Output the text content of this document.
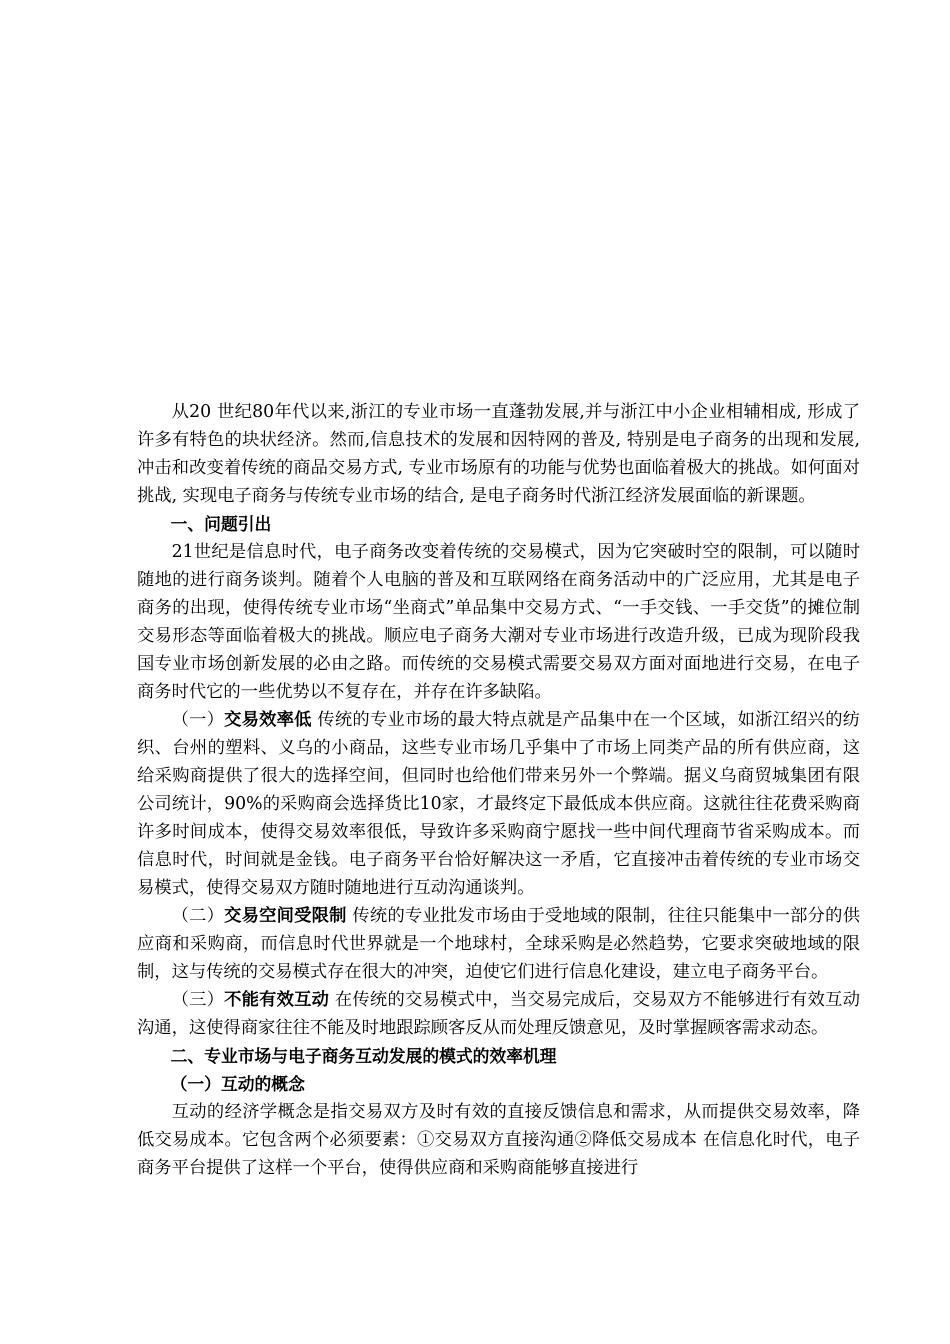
从20 世纪80年代以来,浙江的专业市场一直蓬勃发展,并与浙江中小企业相辅相成, 形成了许多有特色的块状经济。然而,信息技术的发展和因特网的普及, 特别是电子商务的出现和发展,冲击和改变着传统的商品交易方式, 专业市场原有的功能与优势也面临着极大的挑战。如何面对挑战, 实现电子商务与传统专业市场的结合, 是电子商务时代浙江经济发展面临的新课题。

一、问题引出

21世纪是信息时代，电子商务改变着传统的交易模式，因为它突破时空的限制，可以随时随地的进行商务谈判。随着个人电脑的普及和互联网络在商务活动中的广泛应用，尤其是电子商务的出现，使得传统专业市场“坐商式”单品集中交易方式、“一手交钱、一手交货”的摊位制交易形态等面临着极大的挑战。顺应电子商务大潮对专业市场进行改造升级，已成为现阶段我国专业市场创新发展的必由之路。而传统的交易模式需要交易双方面对面地进行交易，在电子商务时代它的一些优势以不复存在，并存在许多缺陷。

（一）交易效率低 传统的专业市场的最大特点就是产品集中在一个区域，如浙江绍兴的纺织、台州的塑料、义乌的小商品，这些专业市场几乎集中了市场上同类产品的所有供应商，这给采购商提供了很大的选择空间，但同时也给他们带来另外一个弊端。据义乌商贸城集团有限公司统计，90%的采购商会选择货比10家，才最终定下最低成本供应商。这就往往花费采购商许多时间成本，使得交易效率很低，导致许多采购商宁愿找一些中间代理商节省采购成本。而信息时代，时间就是金钱。电子商务平台恰好解决这一矛盾，它直接冲击着传统的专业市场交易模式，使得交易双方随时随地进行互动沟通谈判。

（二）交易空间受限制 传统的专业批发市场由于受地域的限制，往往只能集中一部分的供应商和采购商，而信息时代世界就是一个地球村，全球采购是必然趋势，它要求突破地域的限制，这与传统的交易模式存在很大的冲突，迫使它们进行信息化建设，建立电子商务平台。

（三）不能有效互动 在传统的交易模式中，当交易完成后，交易双方不能够进行有效互动沟通，这使得商家往往不能及时地跟踪顾客反从而处理反馈意见，及时掌握顾客需求动态。

二、专业市场与电子商务互动发展的模式的效率机理

（一）互动的概念

互动的经济学概念是指交易双方及时有效的直接反馈信息和需求，从而提供交易效率，降低交易成本。它包含两个必须要素：①交易双方直接沟通②降低交易成本 在信息化时代，电子商务平台提供了这样一个平台，使得供应商和采购商能够直接进行
